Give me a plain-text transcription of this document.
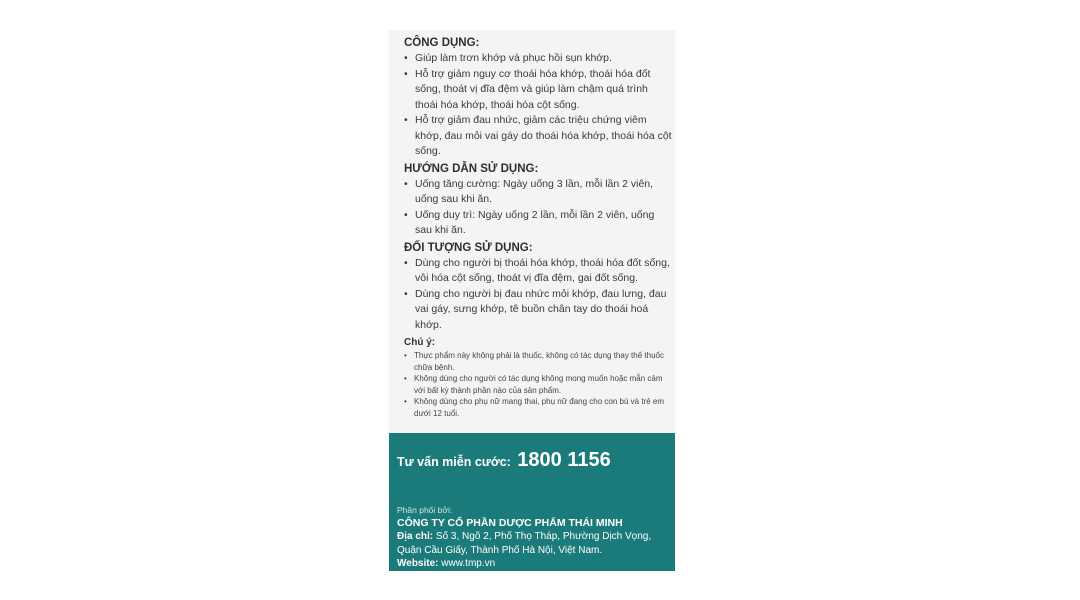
CÔNG DỤNG:

• Giúp làm trơn khớp và phục hồi sụn khớp.
• Hỗ trợ giảm nguy cơ thoái hóa khớp, thoái hóa đốt sống, thoát vị đĩa đệm và giúp làm chậm quá trình thoái hóa khớp, thoái hóa cột sống.
• Hỗ trợ giảm đau nhức, giảm các triệu chứng viêm khớp, đau mỏi vai gáy do thoái hóa khớp, thoái hóa cột sống.

HƯỚNG DẪN SỬ DỤNG:

• Uống tăng cường: Ngày uống 3 lần, mỗi lần 2 viên, uống sau khi ăn.
• Uống duy trì: Ngày uống 2 lần, mỗi lần 2 viên, uống sau khi ăn.

ĐỐI TƯỢNG SỬ DỤNG:

• Dùng cho người bị thoái hóa khớp, thoái hóa đốt sống, vôi hóa cột sống, thoát vị đĩa đệm, gai đốt sống.
• Dùng cho người bị đau nhức mỏi khớp, đau lưng, đau vai gáy, sưng khớp, tê buồn chân tay do thoái hoá khớp.

Chú ý:

• Thực phẩm này không phải là thuốc, không có tác dụng thay thế thuốc chữa bệnh.
• Không dùng cho người có tác dụng không mong muốn hoặc mẫn cảm với bất kỳ thành phần nào của sản phẩm.
• Không dùng cho phụ nữ mang thai, phụ nữ đang cho con bú và trẻ em dưới 12 tuổi.
Tư vấn miễn cước: 1800 1156
Phân phối bởi:
CÔNG TY CỔ PHẦN DƯỢC PHẨM THÁI MINH
Địa chỉ: Số 3, Ngõ 2, Phố Thọ Tháp, Phường Dịch Vọng, Quận Cầu Giấy, Thành Phố Hà Nội, Việt Nam.
Website: www.tmp.vn
